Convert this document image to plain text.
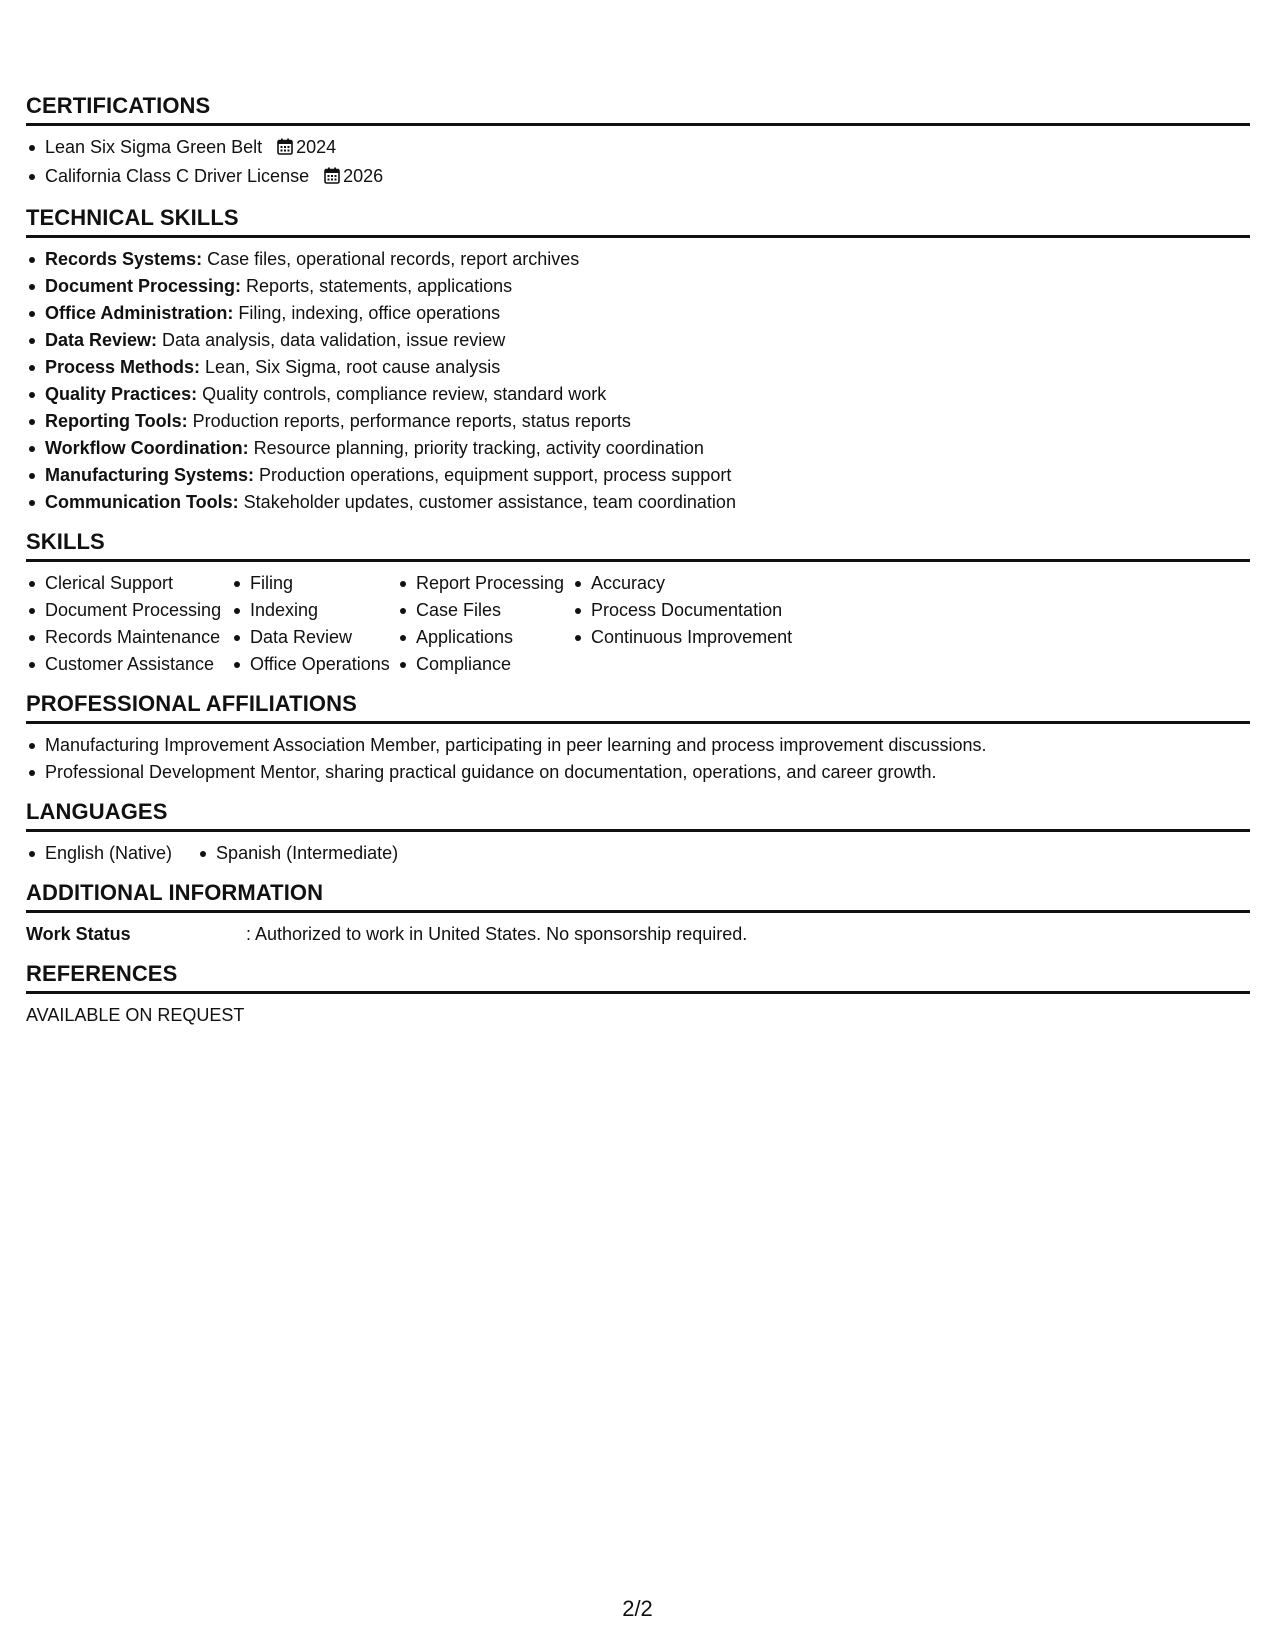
CERTIFICATIONS
Lean Six Sigma Green Belt 2024
California Class C Driver License 2026
TECHNICAL SKILLS
Records Systems: Case files, operational records, report archives
Document Processing: Reports, statements, applications
Office Administration: Filing, indexing, office operations
Data Review: Data analysis, data validation, issue review
Process Methods: Lean, Six Sigma, root cause analysis
Quality Practices: Quality controls, compliance review, standard work
Reporting Tools: Production reports, performance reports, status reports
Workflow Coordination: Resource planning, priority tracking, activity coordination
Manufacturing Systems: Production operations, equipment support, process support
Communication Tools: Stakeholder updates, customer assistance, team coordination
SKILLS
Clerical Support
Document Processing
Records Maintenance
Customer Assistance
Filing
Indexing
Data Review
Office Operations
Report Processing
Case Files
Applications
Compliance
Accuracy
Process Documentation
Continuous Improvement
PROFESSIONAL AFFILIATIONS
Manufacturing Improvement Association Member, participating in peer learning and process improvement discussions.
Professional Development Mentor, sharing practical guidance on documentation, operations, and career growth.
LANGUAGES
English (Native)	Spanish (Intermediate)
ADDITIONAL INFORMATION
Work Status	: Authorized to work in United States. No sponsorship required.
REFERENCES
AVAILABLE ON REQUEST
2/2
